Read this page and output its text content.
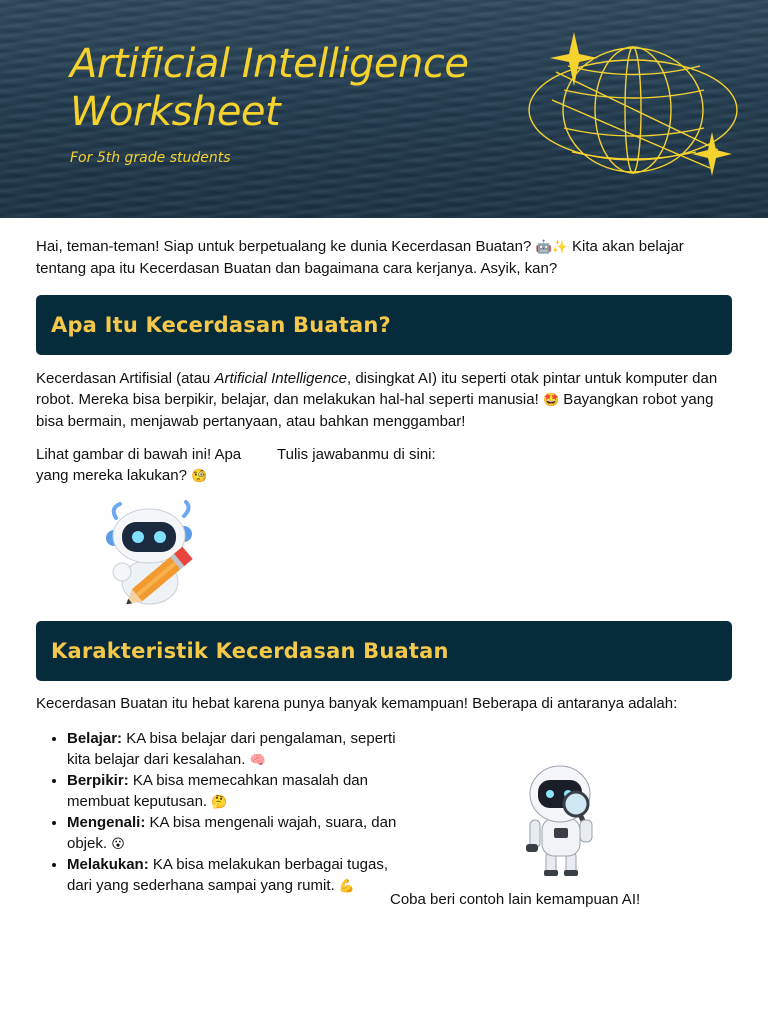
Artificial Intelligence
Worksheet
For 5th grade students

Hai, teman-teman! Siap untuk berpetualang ke dunia Kecerdasan Buatan? 🤖✨ Kita akan belajar tentang apa itu Kecerdasan Buatan dan bagaimana cara kerjanya. Asyik, kan?

Apa Itu Kecerdasan Buatan?

Kecerdasan Artifisial (atau Artificial Intelligence, disingkat AI) itu seperti otak pintar untuk komputer dan robot. Mereka bisa berpikir, belajar, dan melakukan hal-hal seperti manusia! 🤩 Bayangkan robot yang bisa bermain, menjawab pertanyaan, atau bahkan menggambar!

Lihat gambar di bawah ini! Apa yang mereka lakukan? 🧐

Tulis jawabanmu di sini:
Karakteristik Kecerdasan Buatan

Kecerdasan Buatan itu hebat karena punya banyak kemampuan! Beberapa di antaranya adalah:

• Belajar: KA bisa belajar dari pengalaman, seperti kita belajar dari kesalahan. 🧠
• Berpikir: KA bisa memecahkan masalah dan membuat keputusan. 🤔
• Mengenali: KA bisa mengenali wajah, suara, dan objek. 😮
• Melakukan: KA bisa melakukan berbagai tugas, dari yang sederhana sampai yang rumit. 💪
Coba beri contoh lain kemampuan AI!
